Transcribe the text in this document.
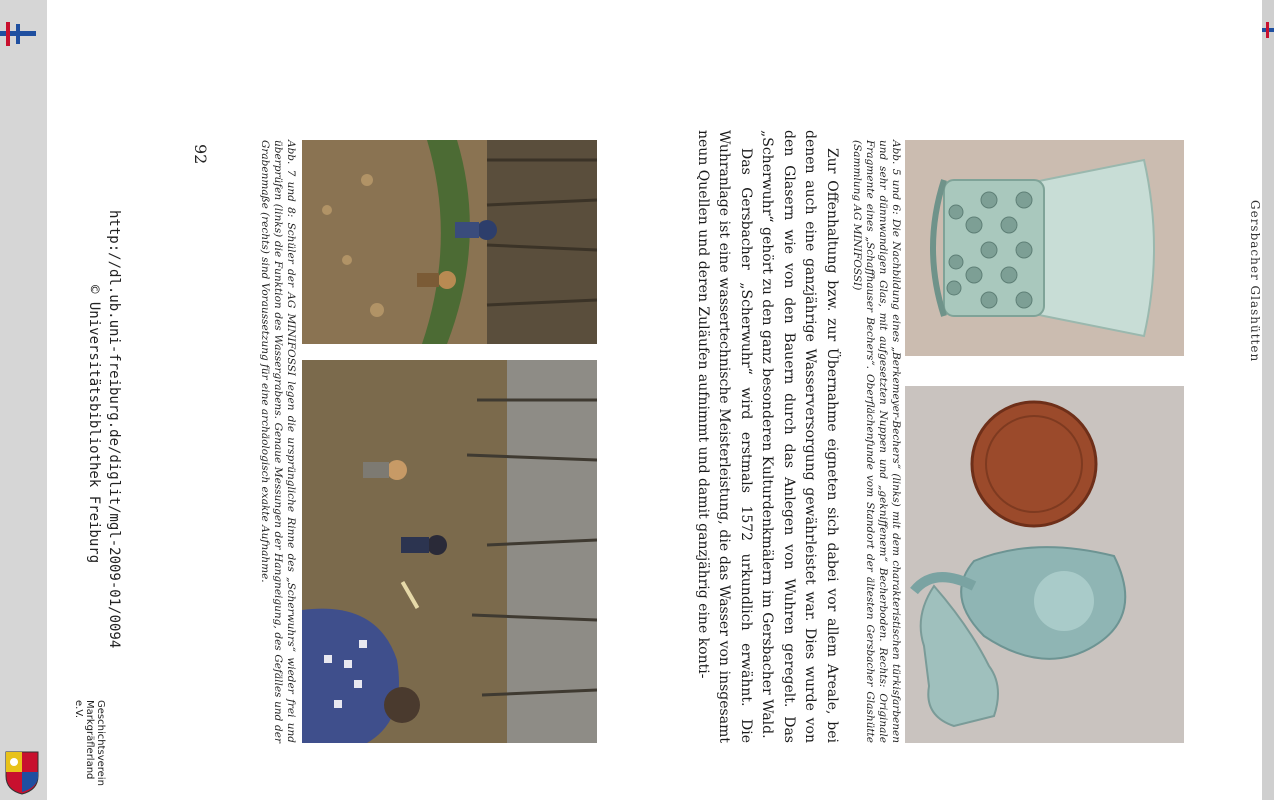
Gersbacher Glashütten
Abb. 5 und 6: Die Nachbildung eines „Berkemeyer-Bechers“ (links) mit dem charakteristischen türkisfarbenen und sehr dünnwandigen Glas, mit aufgesetzten Nuppen und „gekniffenem“ Becherboden. Rechts: Originale Fragmente eines „Schaffhauser Bechers“. Oberflächenfunde vom Standort der ältesten Gersbacher Glashütte (Sammlung AG MINIFOSSI)

Zur Offenhaltung bzw. zur Übernahme eigneten sich dabei vor allem Areale, bei denen auch eine ganzjährige Wasserversorgung gewährleistet war. Dies wurde von den Glasern wie von den Bauern durch das Anlegen von Wuhren geregelt. Das „Scherwuhr“ gehört zu den ganz besonderen Kulturdenkmälern im Gersbacher Wald.

Das Gersbacher „Scherwuhr“ wird erstmals 1572 urkundlich erwähnt. Die Wuhranlage ist eine wassertechnische Meisterleistung, die das Wasser von insgesamt neun Quellen und deren Zuläufen aufnimmt und damit ganzjährig eine konti-

Abb. 7 und 8: Schüler der AG MINIFOSSI legen die ursprüngliche Rinne des „Scherwuhrs“ wieder frei und überprüfen (links) die Funktion des Wassergrabens. Genaue Messungen der Hangneigung, des Gefälles und der Grabenmaße (rechts) sind Voraussetzung für eine archäologisch exakte Aufnahme.
92
http://dl.ub.uni-freiburg.de/diglit/mgl-2009-01/0094
© Universitätsbibliothek Freiburg
Geschichtsverein
Markgräflerland e.V.
